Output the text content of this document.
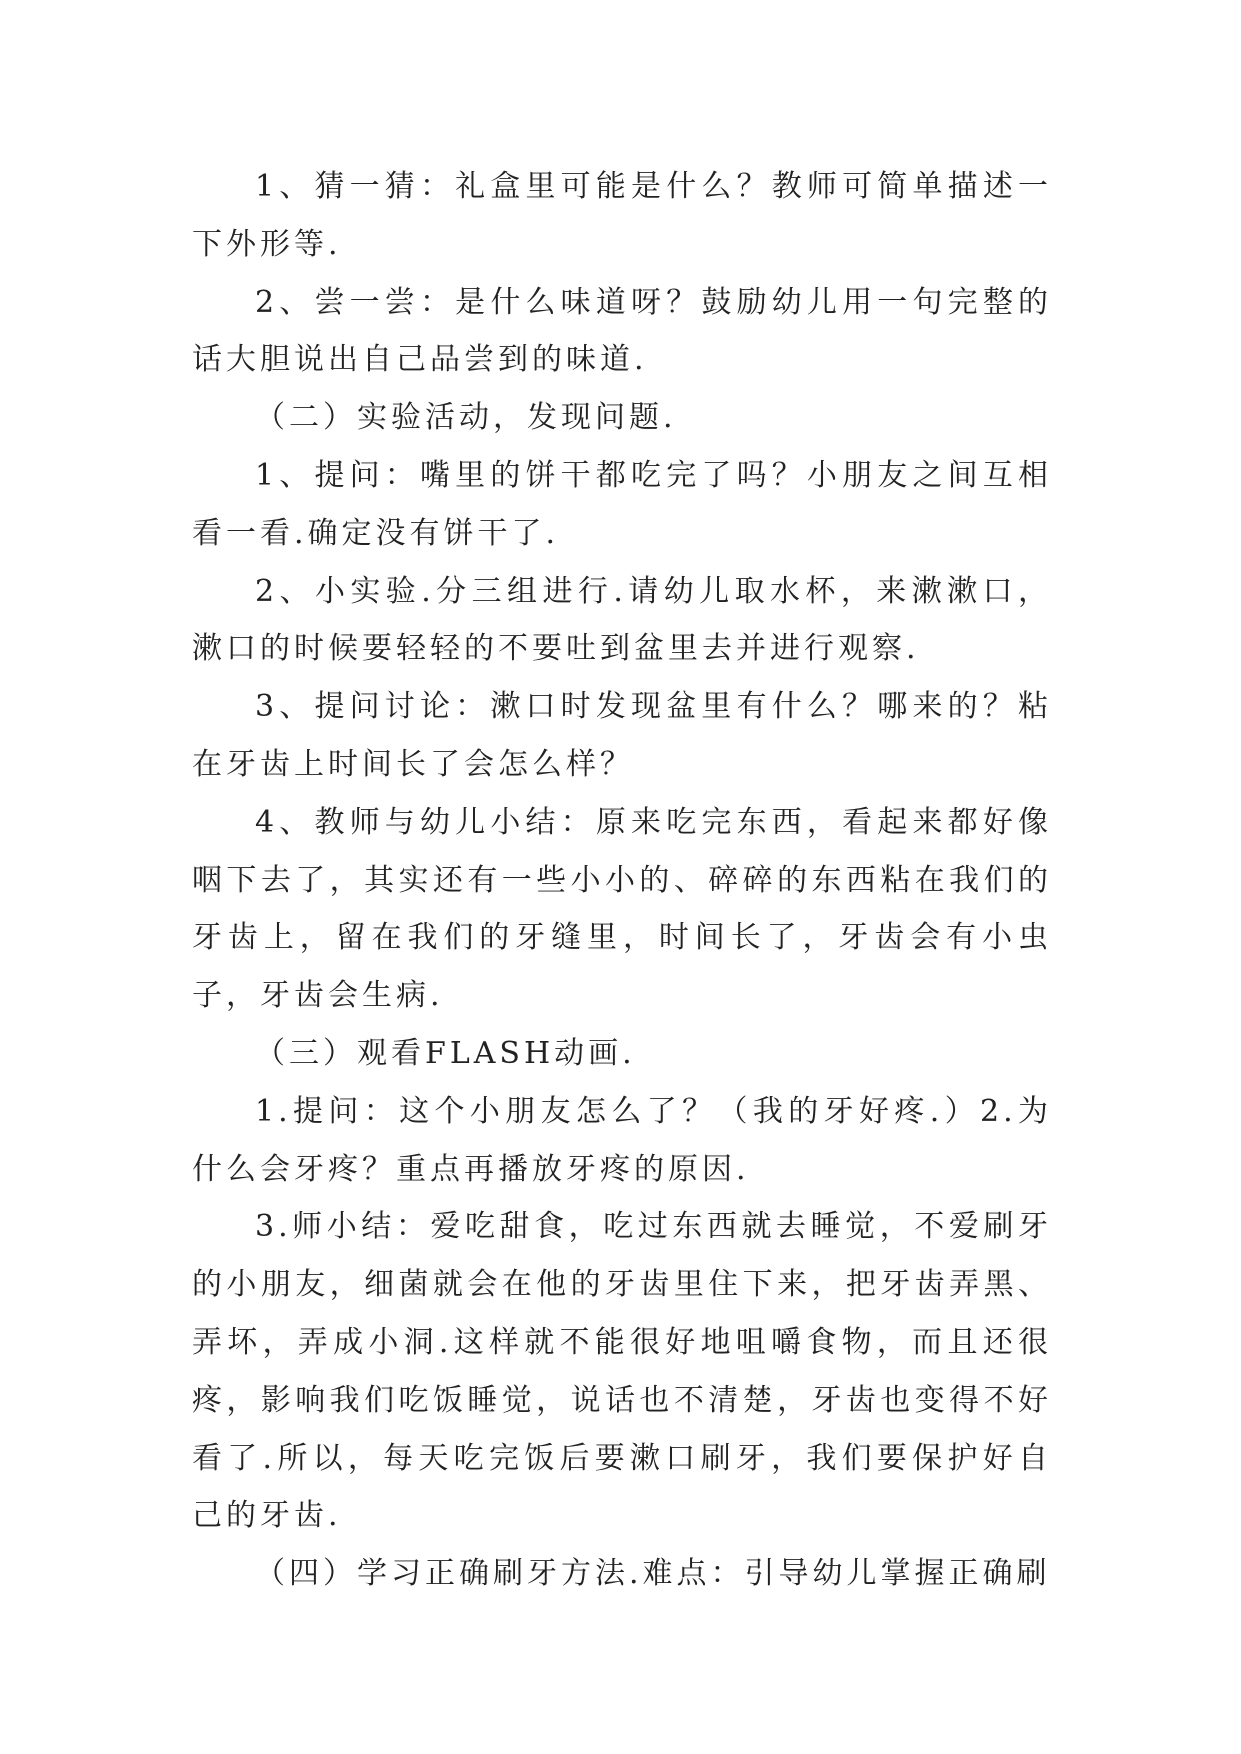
1、猜一猜：礼盒里可能是什么？教师可简单描述一下外形等.

2、尝一尝：是什么味道呀？鼓励幼儿用一句完整的话大胆说出自己品尝到的味道.

（二）实验活动，发现问题.

1、提问：嘴里的饼干都吃完了吗？小朋友之间互相看一看.确定没有饼干了.

2、小实验.分三组进行.请幼儿取水杯，来漱漱口，漱口的时候要轻轻的不要吐到盆里去并进行观察.

3、提问讨论：漱口时发现盆里有什么？哪来的？粘在牙齿上时间长了会怎么样？

4、教师与幼儿小结：原来吃完东西，看起来都好像咽下去了，其实还有一些小小的、碎碎的东西粘在我们的牙齿上，留在我们的牙缝里，时间长了，牙齿会有小虫子，牙齿会生病.

（三）观看FLASH动画.

1.提问：这个小朋友怎么了？（我的牙好疼.）2.为什么会牙疼？重点再播放牙疼的原因.

3.师小结：爱吃甜食，吃过东西就去睡觉，不爱刷牙的小朋友，细菌就会在他的牙齿里住下来，把牙齿弄黑、弄坏，弄成小洞.这样就不能很好地咀嚼食物，而且还很疼，影响我们吃饭睡觉，说话也不清楚，牙齿也变得不好看了.所以，每天吃完饭后要漱口刷牙，我们要保护好自己的牙齿.

（四）学习正确刷牙方法.难点：引导幼儿掌握正确刷
